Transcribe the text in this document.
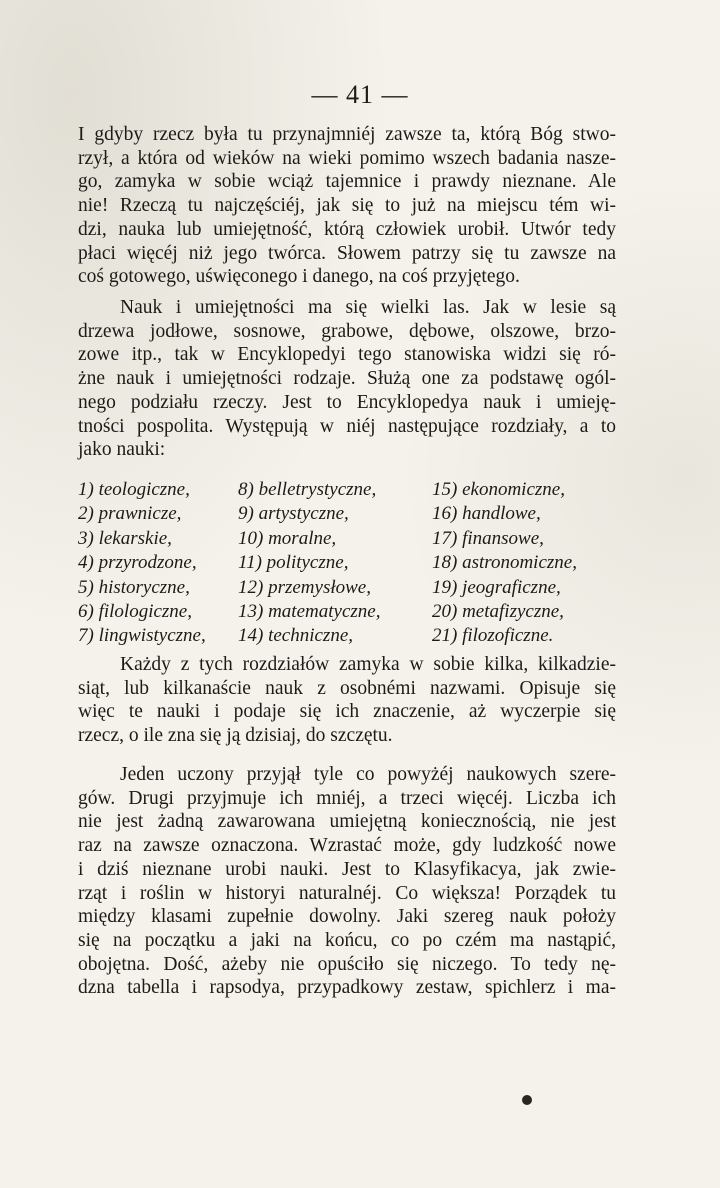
— 41 —
I gdyby rzecz była tu przynajmniéj zawsze ta, którą Bóg stwo-
rzył, a która od wieków na wieki pomimo wszech badania nasze-
go, zamyka w sobie wciąż tajemnice i prawdy nieznane. Ale
nie! Rzeczą tu najczęściéj, jak się to już na miejscu tém wi-
dzi, nauka lub umiejętność, którą człowiek urobił. Utwór tedy
płaci więcéj niż jego twórca. Słowem patrzy się tu zawsze na
coś gotowego, uświęconego i danego, na coś przyjętego.
Nauk i umiejętności ma się wielki las. Jak w lesie są
drzewa jodłowe, sosnowe, grabowe, dębowe, olszowe, brzo-
zowe itp., tak w Encyklopedyi tego stanowiska widzi się ró-
żne nauk i umiejętności rodzaje. Służą one za podstawę ogól-
nego podziału rzeczy. Jest to Encyklopedya nauk i umieję-
tności pospolita. Występują w niéj następujące rozdziały, a to
jako nauki:
1) teologiczne,
2) prawnicze,
3) lekarskie,
4) przyrodzone,
5) historyczne,
6) filologiczne,
7) lingwistyczne,
8) belletrystyczne,
9) artystyczne,
10) moralne,
11) polityczne,
12) przemysłowe,
13) matematyczne,
14) techniczne,
15) ekonomiczne,
16) handlowe,
17) finansowe,
18) astronomiczne,
19) jeograficzne,
20) metafizyczne,
21) filozoficzne.
Każdy z tych rozdziałów zamyka w sobie kilka, kilkadzie-
siąt, lub kilkanaście nauk z osobnémi nazwami. Opisuje się
więc te nauki i podaje się ich znaczenie, aż wyczerpie się
rzecz, o ile zna się ją dzisiaj, do szczętu.
Jeden uczony przyjął tyle co powyżéj naukowych szere-
gów. Drugi przyjmuje ich mniéj, a trzeci więcéj. Liczba ich
nie jest żadną zawarowana umiejętną koniecznością, nie jest
raz na zawsze oznaczona. Wzrastać może, gdy ludzkość nowe
i dziś nieznane urobi nauki. Jest to Klasyfikacya, jak zwie-
rząt i roślin w historyi naturalnéj. Co większa! Porządek tu
między klasami zupełnie dowolny. Jaki szereg nauk położy
się na początku a jaki na końcu, co po czém ma nastąpić,
obojętna. Dość, ażeby nie opuściło się niczego. To tedy nę-
dzna tabella i rapsodya, przypadkowy zestaw, spichlerz i ma-
